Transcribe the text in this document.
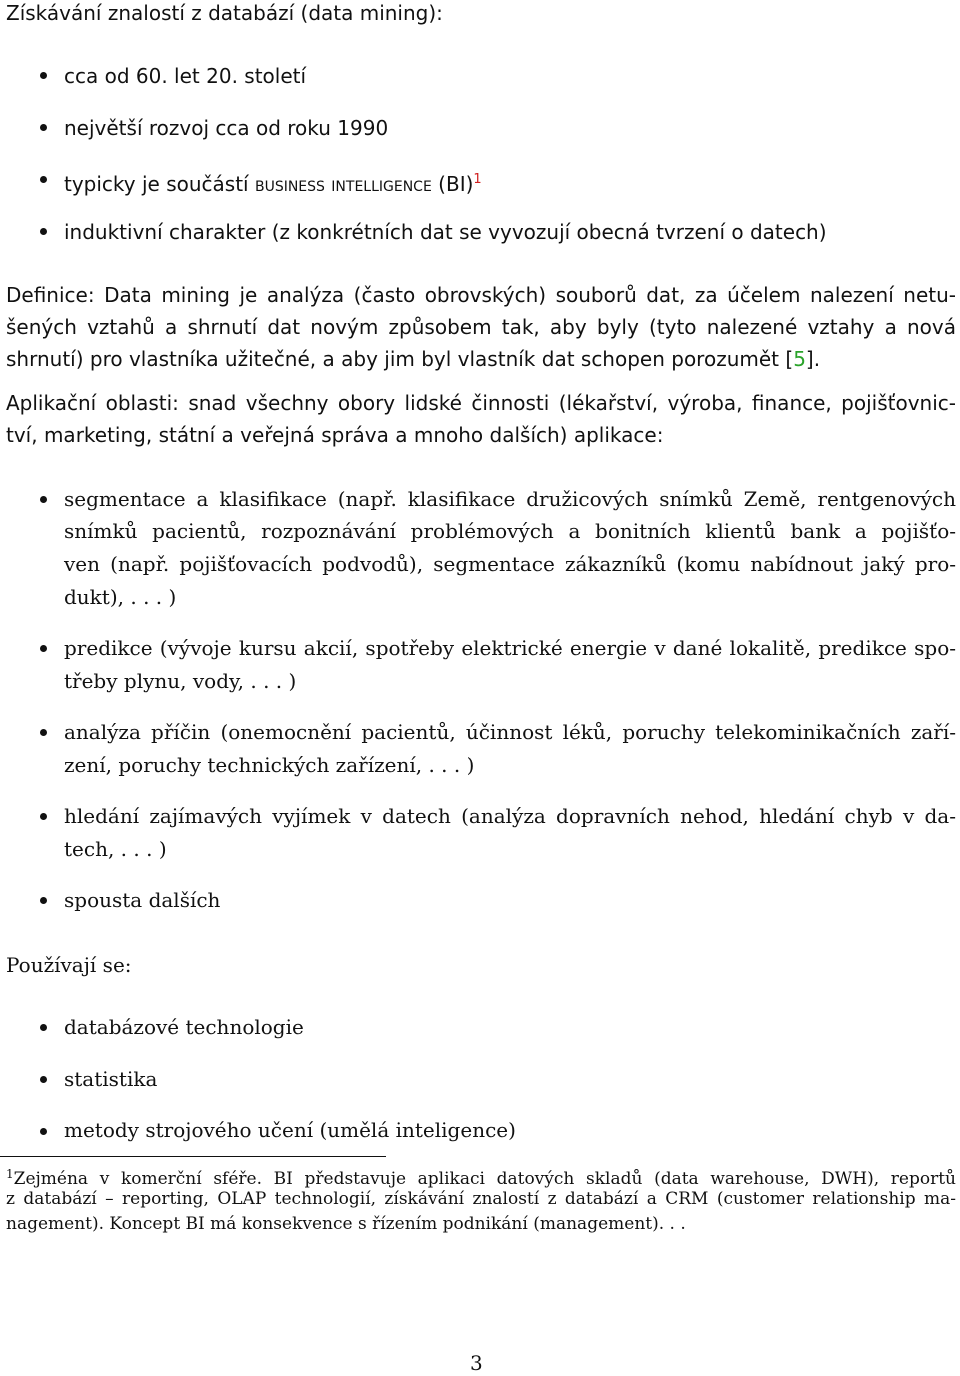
Získávání znalostí z databází (data mining):
cca od 60. let 20. století
největší rozvoj cca od roku 1990
typicky je součástí business intelligence (BI)$^1$
induktivní charakter (z konkrétních dat se vyvozují obecná tvrzení o datech)
Definice: Data mining je analýza (často obrovských) souborů dat, za účelem nalezení netu-
šených vztahů a shrnutí dat novým způsobem tak, aby byly (tyto nalezené vztahy a nová
shrnutí) pro vlastníka užitečné, a aby jim byl vlastník dat schopen porozumět [5].
Aplikační oblasti: snad všechny obory lidské činnosti (lékařství, výroba, finance, pojišťovnic-
tví, marketing, státní a veřejná správa a mnoho dalších) aplikace:
segmentace a klasifikace (např. klasifikace družicových snímků Země, rentgenových
snímků pacientů, rozpoznávání problémových a bonitních klientů bank a pojišťo-
ven (např. pojišťovacích podvodů), segmentace zákazníků (komu nabídnout jaký pro-
dukt), . . . )
predikce (vývoje kursu akcií, spotřeby elektrické energie v dané lokalitě, predikce spo-
třeby plynu, vody, . . . )
analýza příčin (onemocnění pacientů, účinnost léků, poruchy telekominikačních zaří-
zení, poruchy technických zařízení, . . . )
hledání zajímavých vyjímek v datech (analýza dopravních nehod, hledání chyb v da-
tech, . . . )
spousta dalších
Používají se:
databázové technologie
statistika
metody strojového učení (umělá inteligence)
$^1$Zejména v komerční sféře. BI představuje aplikaci datových skladů (data warehouse, DWH), reportů
z databází – reporting, OLAP technologií, získávání znalostí z databází a CRM (customer relationship ma-
nagement). Koncept BI má konsekvence s řízením podnikání (management). . .
3
